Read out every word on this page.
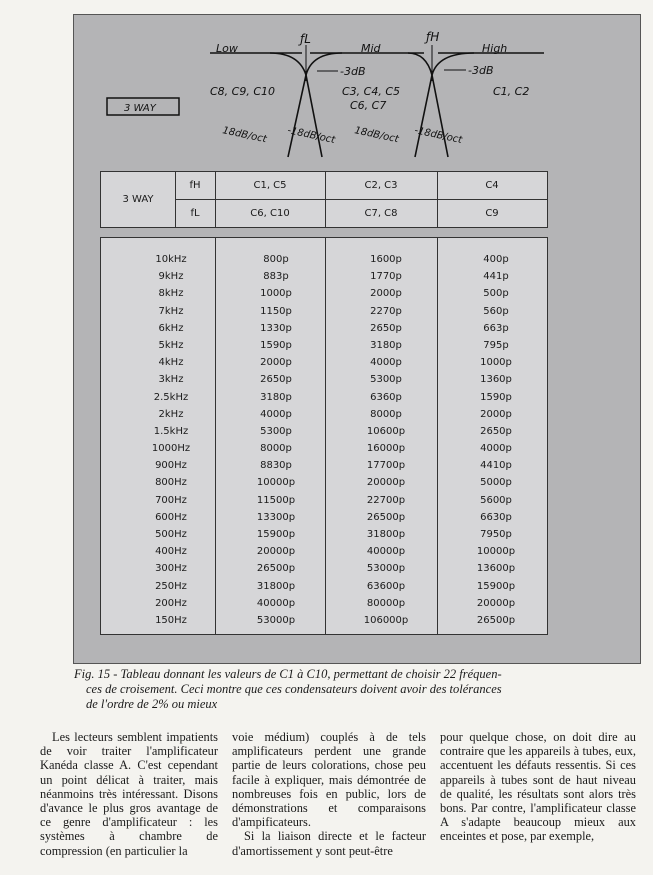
ƒL	ƒH
Low	Mid	High
-3dB	-3dB
C8, C9, C10	C3, C4, C5
C6, C7
C1, C2
18dB/oct -18dB/oct 18dB/oct -18dB/oct
3 WAY
3 WAY
fH	C1, C5	C2, C3	C4
fL	C6, C10	C7, C8	C9
10kHz	800p	1600p	400p
9kHz	883p	1770p	441p
8kHz	1000p	2000p	500p
7kHz	1150p	2270p	560p
6kHz	1330p	2650p	663p
5kHz	1590p	3180p	795p
4kHz	2000p	4000p	1000p
3kHz	2650p	5300p	1360p
2.5kHz	3180p	6360p	1590p
2kHz	4000p	8000p	2000p
1.5kHz	5300p	10600p	2650p
1000Hz	8000p	16000p	4000p
900Hz	8830p	17700p	4410p
800Hz	10000p	20000p	5000p
700Hz	11500p	22700p	5600p
600Hz	13300p	26500p	6630p
500Hz	15900p	31800p	7950p
400Hz	20000p	40000p	10000p
300Hz	26500p	53000p	13600p
250Hz	31800p	63600p	15900p
200Hz	40000p	80000p	20000p
150Hz	53000p	106000p	26500p
Fig. 15 - Tableau donnant les valeurs de C1 à C10, permettant de choisir 22 fréquen-
ces de croisement. Ceci montre que ces condensateurs doivent avoir des tolérances
de l'ordre de 2% ou mieux

Les lecteurs semblent impatients de voir traiter l'amplificateur Kanéda classe A. C'est cependant un point délicat à traiter, mais néanmoins très intéressant. Disons d'avance le plus gros avantage de ce genre d'amplificateur : les systèmes à chambre de compression (en particulier la

voie médium) couplés à de tels amplificateurs perdent une grande partie de leurs colorations, chose peu facile à expliquer, mais démontrée de nombreuses fois en public, lors de démonstrations et comparaisons d'ampificateurs.

Si la liaison directe et le facteur d'amortissement y sont peut-être

pour quelque chose, on doit dire au contraire que les appareils à tubes, eux, accentuent les défauts ressentis. Si ces appareils à tubes sont de haut niveau de qualité, les résultats sont alors très bons. Par contre, l'amplificateur classe A s'adapte beaucoup mieux aux enceintes et pose, par exemple,
